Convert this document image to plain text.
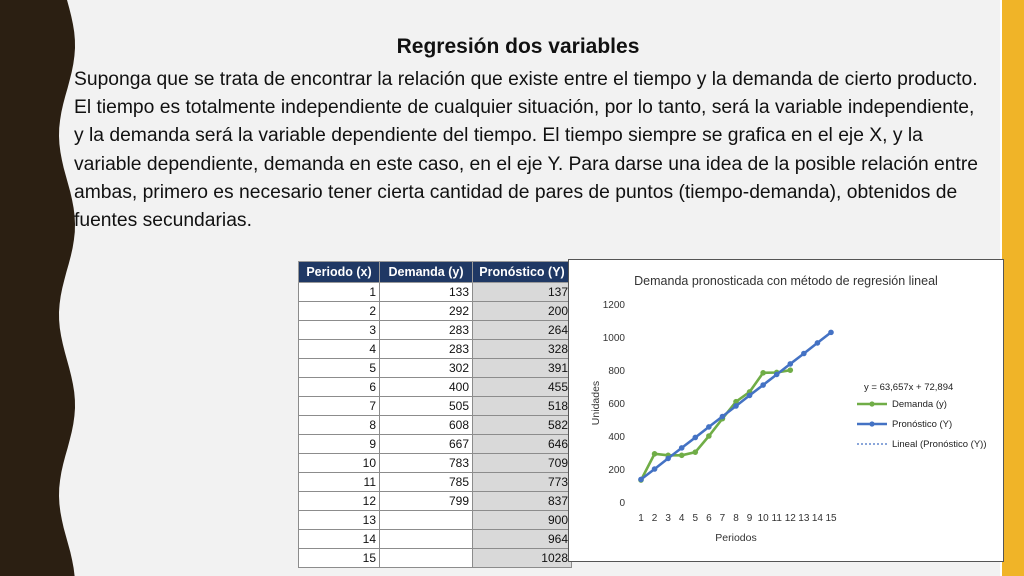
Regresión dos variables

Suponga que se trata de encontrar la relación que existe entre el tiempo y la demanda de cierto producto. El tiempo es totalmente independiente de cualquier situación, por lo tanto, será la variable independiente, y la demanda será la variable dependiente del tiempo. El tiempo siempre se grafica en el eje X, y la variable dependiente, demanda en este caso, en el eje Y. Para darse una idea de la posible relación entre ambas, primero es necesario tener cierta cantidad de pares de puntos (tiempo-demanda), obtenidos de fuentes secundarias.

Periodo (x)	Demanda (y)	Pronóstico (Y)
1	133	137
2	292	200
3	283	264
4	283	328
5	302	391
6	400	455
7	505	518
8	608	582
9	667	646
10	783	709
11	785	773
12	799	837
13		900
14		964
15		1028
Demanda pronosticada con método de regresión lineal
0
200
400
600
800
1000
1200
1 2 3 4 5 6 7 8 9 10 11 12 13 14 15
Periodos
Unidades	y = 63,657x + 72,894
Demanda (y)
Pronóstico (Y)
Lineal (Pronóstico (Y))
